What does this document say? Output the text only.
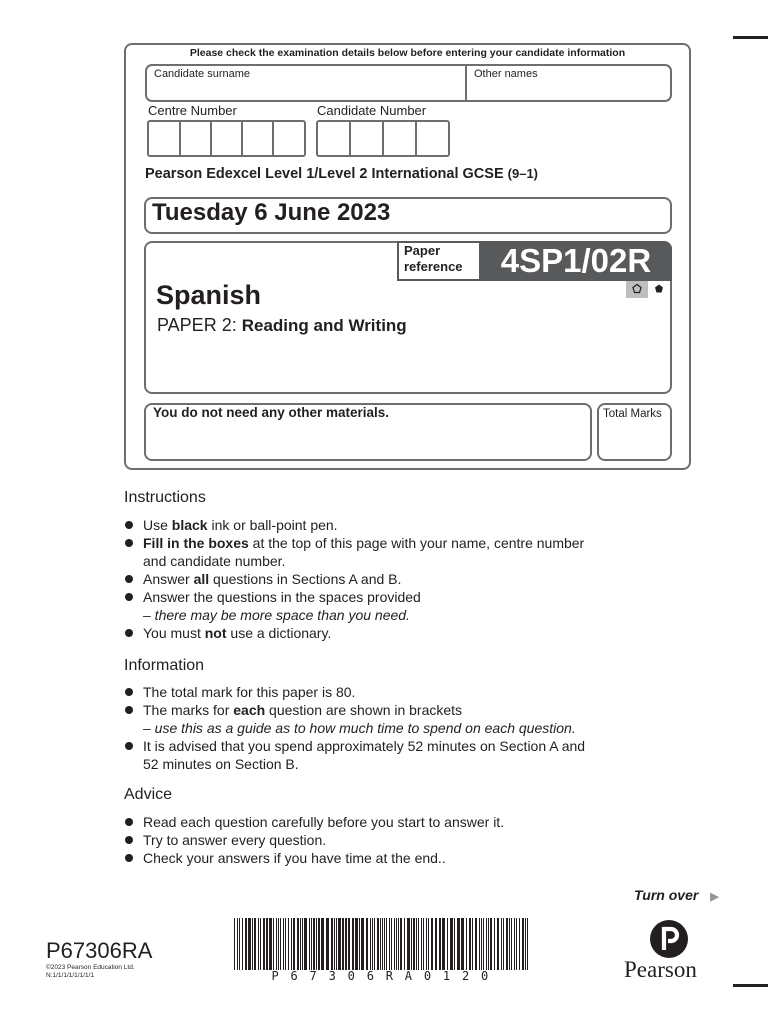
Please check the examination details below before entering your candidate information
Candidate surname	Other names
Centre Number	Candidate Number
Pearson Edexcel Level 1/Level 2 International GCSE (9–1)
Tuesday 6 June 2023
Paper
reference	4SP1/02R
Spanish
PAPER 2: Reading and Writing
You do not need any other materials.	Total Marks
Instructions
Use black ink or ball-point pen.
Fill in the boxes at the top of this page with your name, centre number
and candidate number.
Answer all questions in Sections A and B.
Answer the questions in the spaces provided
– there may be more space than you need.
You must not use a dictionary.
Information
The total mark for this paper is 80.
The marks for each question are shown in brackets
– use this as a guide as to how much time to spend on each question.
It is advised that you spend approximately 52 minutes on Section A and
52 minutes on Section B.
Advice
Read each question carefully before you start to answer it.
Try to answer every question.
Check your answers if you have time at the end..
Turn over ▶
P67306RA
©2023 Pearson Education Ltd.
N:1/1/1/1/1/1/1/1	P 6 7 3 0 6 R A 0 1 2 0	Pearson
